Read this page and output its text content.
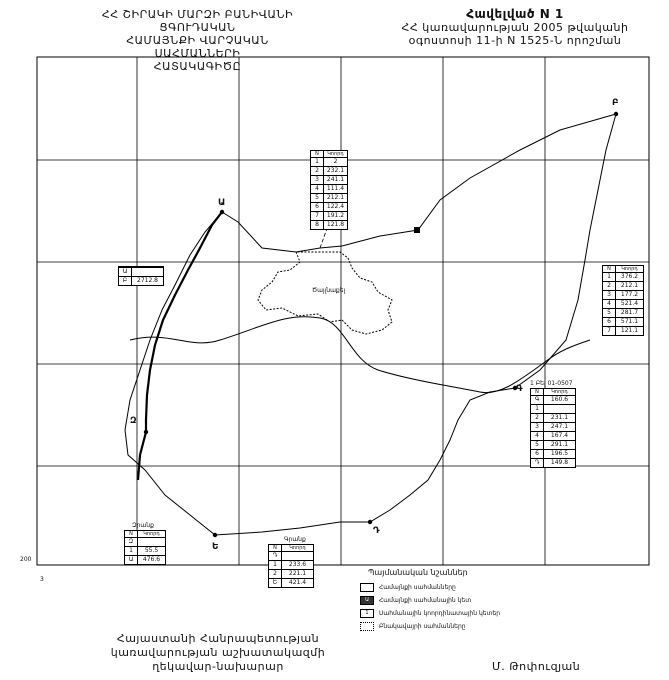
ՀՀ ՇԻՐԱԿԻ ՄԱՐԶԻ ԲԱՆԻՎԱՆԻ ՑԳՈՒԴԱԿԱՆ
ՀԱՄԱՅՆՔԻ ՎԱՐՉԱԿԱՆ ՍԱՀՄԱՆՆԵՐԻ
ՀԱՏԱԿԱԳԻԾԸ
Հավելված N 1
ՀՀ կառավարության 2005 թվականի
օգոստոսի 11-ի N 1525-Ն որոշման
Ա
Բ
Գ
Դ
Ե
Զ
Ծայլնաքել
200
3
N	Կոորդ
1	2
2	232.1
3	241.1
4	111.4
5	212.1
6	122.4
7	191.2
8	121.8
Ա
Բ	2712.8
N	Կոորդ
1	376.2
2	212.1
3	177.2
4	521.4
5	281.7
6	571.1
7	121.1
1 Բել 01-0507
N	Կոորդ
Գ	160.6
1
2	231.1
3	247.1
4	167.4
5	291.1
6	196.5
Դ	149.8
Զրանք
N	Կոորդ
Զ
1	55.5
Ա	476.6
Գրանք
N	Կոորդ
Դ
1	233.6
2	221.1
Ե	421.4
Պայմանական նշաններ
Համայնքի սահմանները
Ա	Համայնքի սահմանային կետ
1	Սահմանային կոորդինատային կետեր
Բնակավայրի սահմանները
Հայաստանի Հանրապետության
կառավարության աշխատակազմի
ղեկավար-նախարար	Մ. Թոփուզյան
